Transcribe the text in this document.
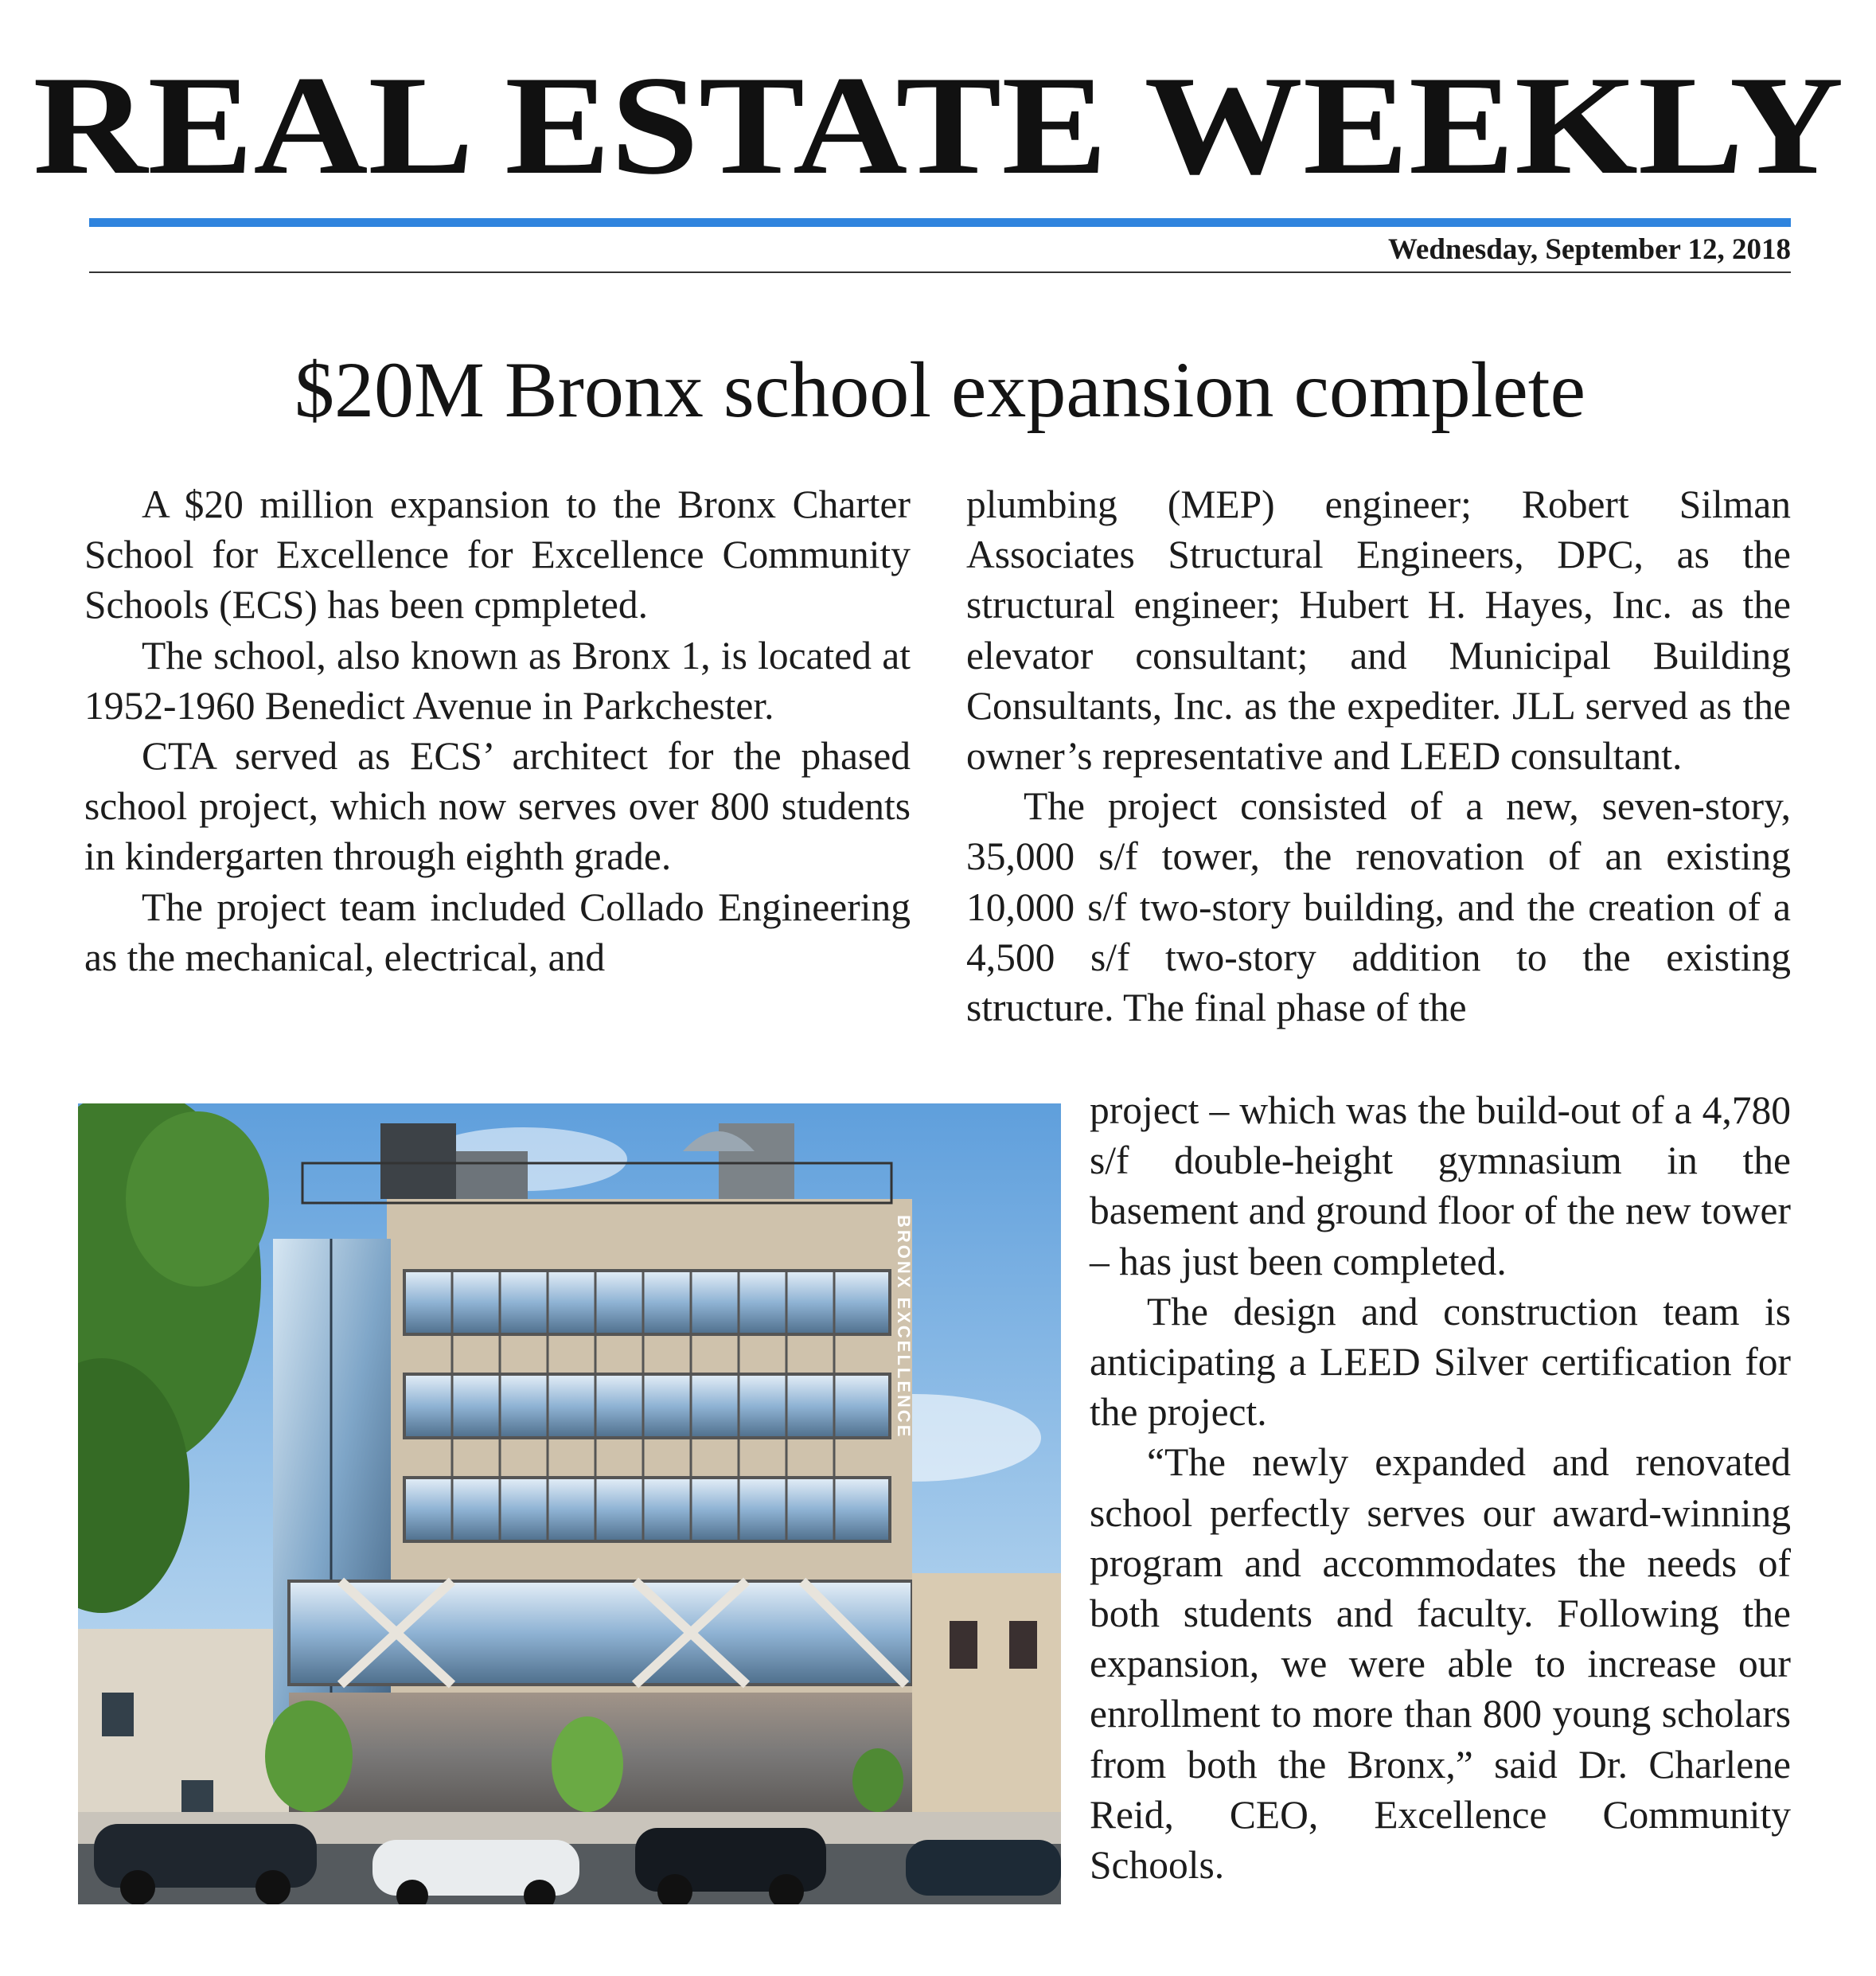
REAL ESTATE WEEKLY
Wednesday, September 12, 2018
$20M Bronx school expansion complete

A $20 million expansion to the Bronx Charter School for Excellence for Excellence Community Schools (ECS) has been cpmpleted.

The school, also known as Bronx 1, is located at 1952-1960 Benedict Avenue in Parkchester.

CTA served as ECS’ architect for the phased school project, which now serves over 800 students in kindergarten through eighth grade.

The project team included Collado Engineering as the mechanical, electrical, and

plumbing (MEP) engineer; Robert Silman Associates Structural Engineers, DPC, as the structural engineer; Hubert H. Hayes, Inc. as the elevator consultant; and Municipal Building Consultants, Inc. as the expediter. JLL served as the owner’s representative and LEED consultant.

The project consisted of a new, seven-story, 35,000 s/f tower, the renovation of an existing 10,000 s/f two-story building, and the creation of a 4,500 s/f two-story addition to the existing structure. The final phase of the

project – which was the build-out of a 4,780 s/f double-height gymnasium in the basement and ground floor of the new tower – has just been completed.

The design and construction team is anticipating a LEED Silver certification for the project.

“The newly expanded and renovated school perfectly serves our award-winning program and accommodates the needs of both students and faculty. Following the expansion, we were able to increase our enrollment to more than 800 young scholars from both the Bronx,” said Dr. Charlene Reid, CEO, Excellence Community Schools.

BRONX EXCELLENCE
